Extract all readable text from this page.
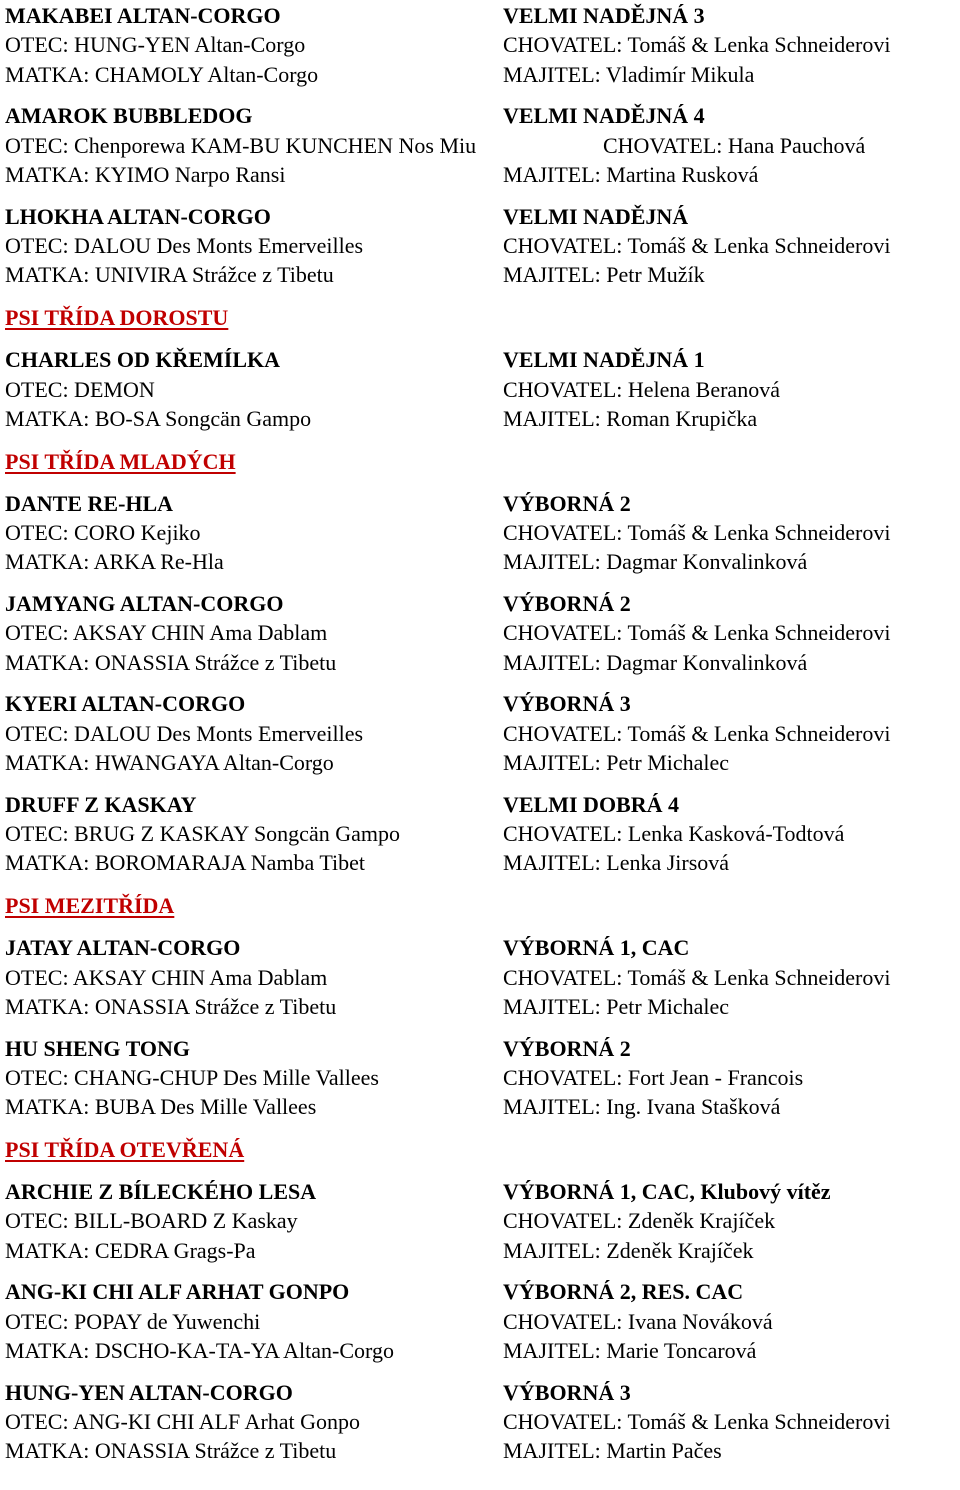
MAKABEI ALTAN-CORGO	VELMI NADĚJNÁ 3
OTEC: HUNG-YEN Altan-Corgo	CHOVATEL: Tomáš & Lenka Schneiderovi
MATKA: CHAMOLY Altan-Corgo	MAJITEL: Vladimír Mikula
AMAROK BUBBLEDOG	VELMI NADĚJNÁ 4
OTEC: Chenporewa KAM-BU KUNCHEN Nos Miu	CHOVATEL: Hana Pauchová
MATKA: KYIMO Narpo Ransi	MAJITEL: Martina Rusková
LHOKHA ALTAN-CORGO	VELMI NADĚJNÁ
OTEC: DALOU Des Monts Emerveilles	CHOVATEL: Tomáš & Lenka Schneiderovi
MATKA: UNIVIRA Strážce z Tibetu	MAJITEL: Petr Mužík
PSI TŘÍDA DOROSTU
CHARLES OD KŘEMÍLKA	VELMI NADĚJNÁ 1
OTEC: DEMON	CHOVATEL: Helena Beranová
MATKA: BO-SA Songcän Gampo	MAJITEL: Roman Krupička
PSI TŘÍDA MLADÝCH
DANTE RE-HLA	VÝBORNÁ 2
OTEC: CORO Kejiko	CHOVATEL: Tomáš & Lenka Schneiderovi
MATKA: ARKA Re-Hla	MAJITEL: Dagmar Konvalinková
JAMYANG ALTAN-CORGO	VÝBORNÁ 2
OTEC: AKSAY CHIN Ama Dablam	CHOVATEL: Tomáš & Lenka Schneiderovi
MATKA: ONASSIA Strážce z Tibetu	MAJITEL: Dagmar Konvalinková
KYERI ALTAN-CORGO	VÝBORNÁ 3
OTEC: DALOU Des Monts Emerveilles	CHOVATEL: Tomáš & Lenka Schneiderovi
MATKA: HWANGAYA Altan-Corgo	MAJITEL: Petr Michalec
DRUFF Z KASKAY	VELMI DOBRÁ 4
OTEC: BRUG Z KASKAY Songcän Gampo	CHOVATEL: Lenka Kasková-Todtová
MATKA: BOROMARAJA Namba Tibet	MAJITEL: Lenka Jirsová
PSI MEZITŘÍDA
JATAY ALTAN-CORGO	VÝBORNÁ 1, CAC
OTEC: AKSAY CHIN Ama Dablam	CHOVATEL: Tomáš & Lenka Schneiderovi
MATKA: ONASSIA Strážce z Tibetu	MAJITEL: Petr Michalec
HU SHENG TONG	VÝBORNÁ 2
OTEC: CHANG-CHUP Des Mille Vallees	CHOVATEL: Fort Jean - Francois
MATKA: BUBA Des Mille Vallees	MAJITEL: Ing. Ivana Stašková
PSI TŘÍDA OTEVŘENÁ
ARCHIE Z BÍLECKÉHO LESA	VÝBORNÁ 1, CAC, Klubový vítěz
OTEC: BILL-BOARD Z Kaskay	CHOVATEL: Zdeněk Krajíček
MATKA: CEDRA Grags-Pa	MAJITEL: Zdeněk Krajíček
ANG-KI CHI ALF ARHAT GONPO	VÝBORNÁ 2, RES. CAC
OTEC: POPAY de Yuwenchi	CHOVATEL: Ivana Nováková
MATKA: DSCHO-KA-TA-YA Altan-Corgo	MAJITEL: Marie Toncarová
HUNG-YEN ALTAN-CORGO	VÝBORNÁ 3
OTEC: ANG-KI CHI ALF Arhat Gonpo	CHOVATEL: Tomáš & Lenka Schneiderovi
MATKA: ONASSIA Strážce z Tibetu	MAJITEL: Martin Pačes
